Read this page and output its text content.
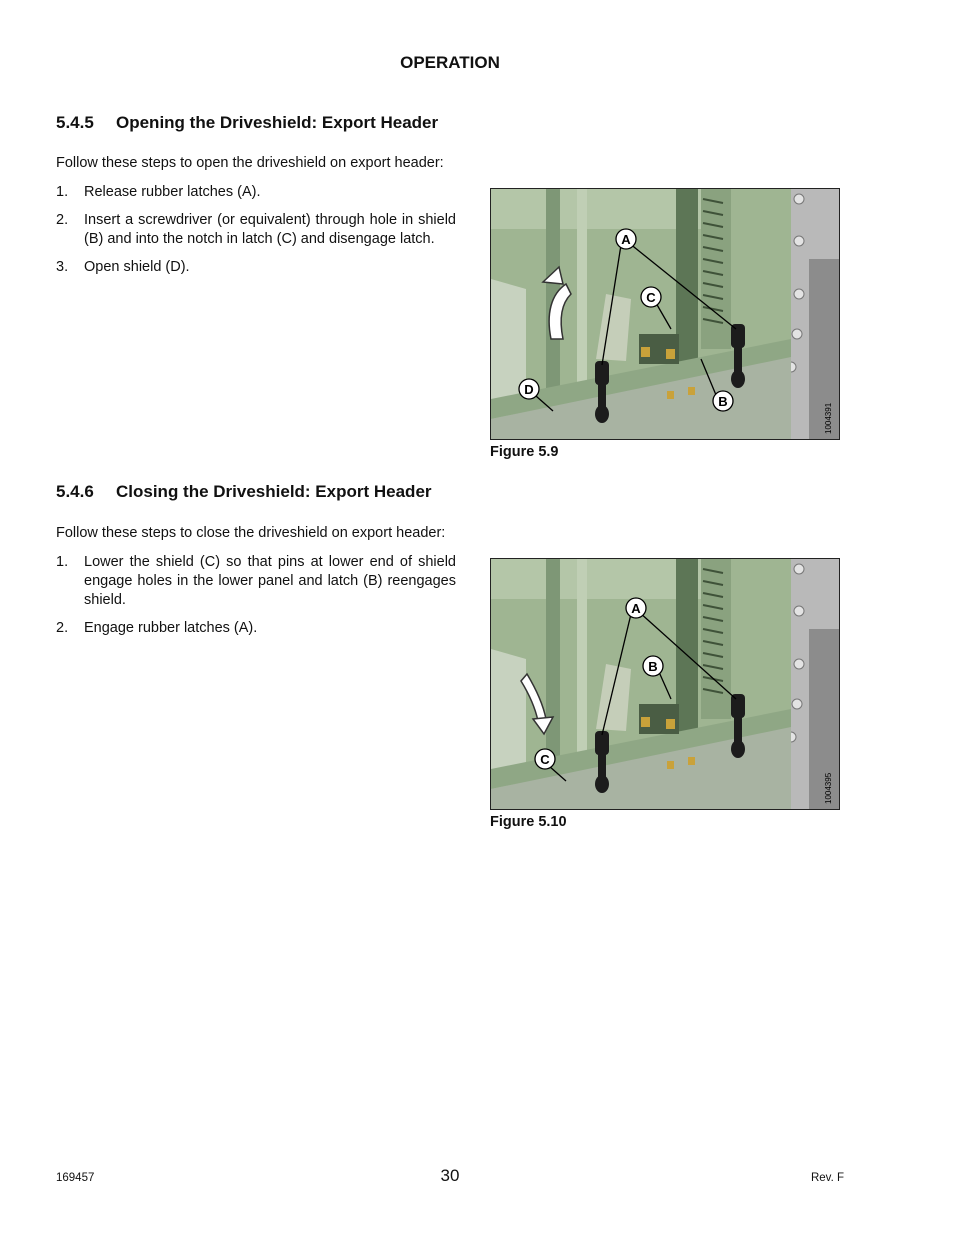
OPERATION
5.4.5 Opening the Driveshield: Export Header
Follow these steps to open the driveshield on export header:
1. Release rubber latches (A).
2. Insert a screwdriver (or equivalent) through hole in shield (B) and into the notch in latch (C) and disengage latch.
3. Open shield (D).
A
C
D
B
1004391
Figure 5.9
5.4.6 Closing the Driveshield: Export Header
Follow these steps to close the driveshield on export header:
1. Lower the shield (C) so that pins at lower end of shield engage holes in the lower panel and latch (B) reengages shield.
2. Engage rubber latches (A).
A
B
C
1004395
Figure 5.10
169457	30	Rev. F
